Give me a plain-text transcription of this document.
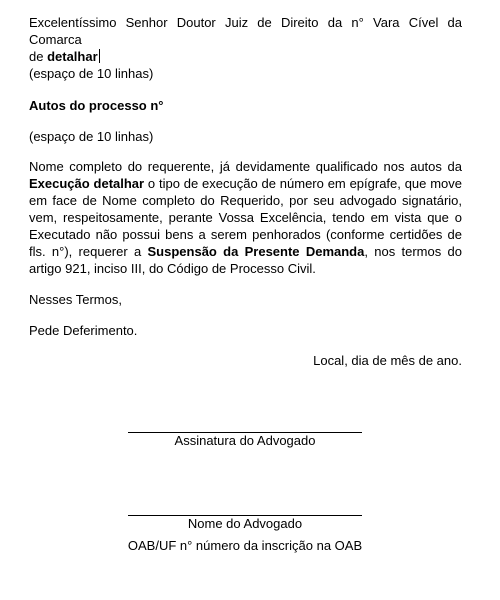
Excelentíssimo Senhor Doutor Juiz de Direito da n° Vara Cível da Comarca
de detalhar

(espaço de 10 linhas)

Autos do processo n°

(espaço de 10 linhas)

Nome completo do requerente, já devidamente qualificado nos autos da Execução detalhar o tipo de execução de número em epígrafe, que move em face de Nome completo do Requerido, por seu advogado signatário, vem, respeitosamente, perante Vossa Excelência, tendo em vista que o Executado não possui bens a serem penhorados (conforme certidões de fls. n°), requerer a Suspensão da Presente Demanda, nos termos do artigo 921, inciso III, do Código de Processo Civil.

Nesses Termos,

Pede Deferimento.

Local, dia de mês de ano.

Assinatura do Advogado
Nome do Advogado
OAB/UF n° número da inscrição na OAB
